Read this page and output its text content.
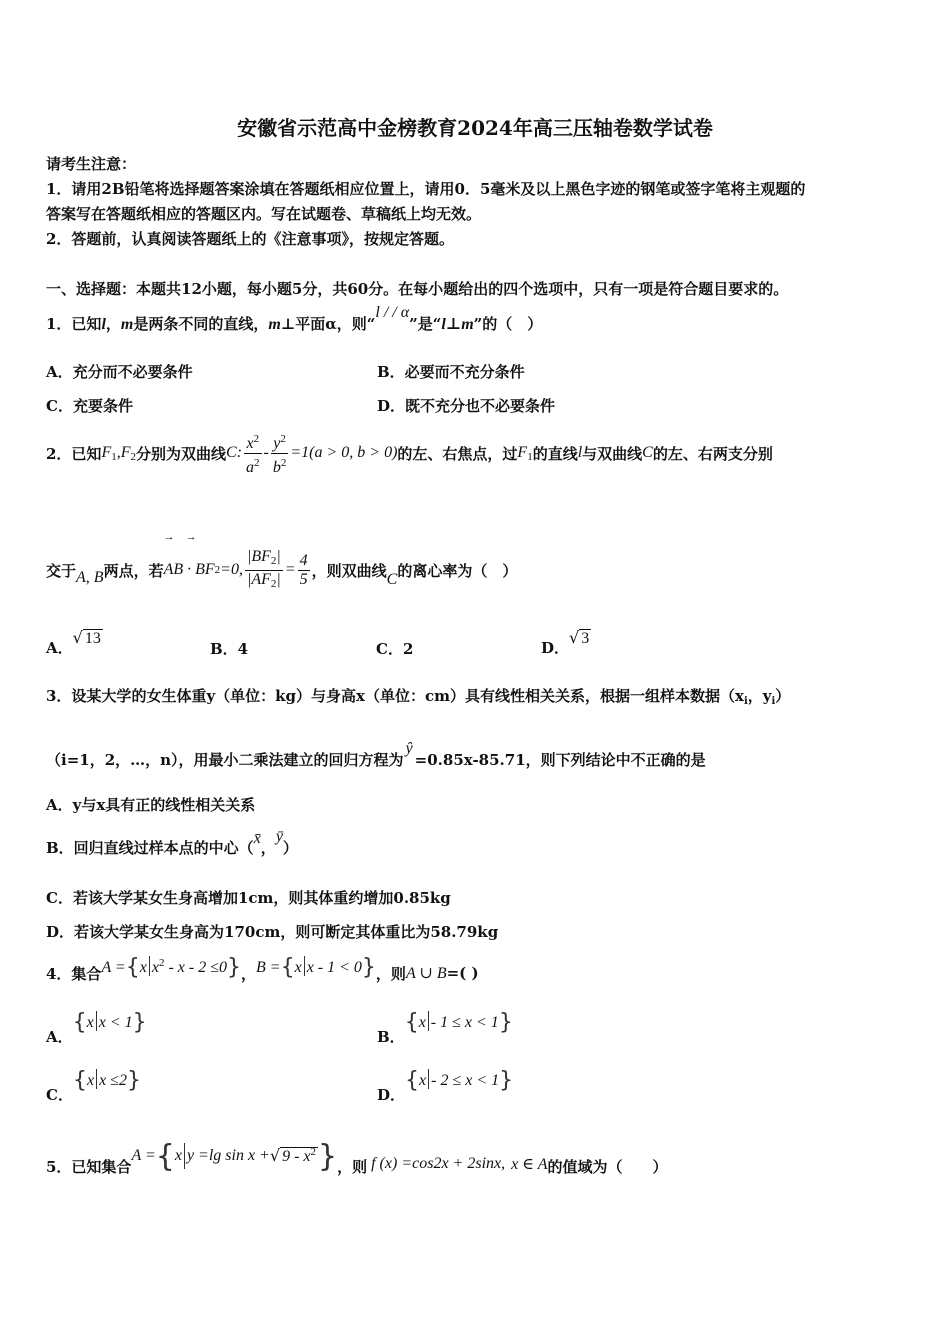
安徽省示范高中金榜教育2024年高三压轴卷数学试卷
请考生注意：
1．请用2B铅笔将选择题答案涂填在答题纸相应位置上，请用0．5毫米及以上黑色字迹的钢笔或签字笔将主观题的
答案写在答题纸相应的答题区内。写在试题卷、草稿纸上均无效。
2．答题前，认真阅读答题纸上的《注意事项》，按规定答题。
一、选择题：本题共12小题，每小题5分，共60分。在每小题给出的四个选项中，只有一项是符合题目要求的。
1．已知l，m是两条不同的直线，m⊥平面α，则“l / / α”是“l⊥m”的（　）
A．充分而不必要条件	B．必要而不充分条件
C．充要条件	D．既不充分也不必要条件
2．已知 $F_1,F_2$ 分别为双曲线 C : $\frac{x^2}{a^2} - \frac{y^2}{b^2} =1$ (a > 0, b > 0) 的左、右焦点，过 $F_1$ 的直线 l 与双曲线 C 的左、右两支分别
交于 A, B 两点，若
→　→
AB · BF 2 =0, $\frac{|BF_2|}{|AF_2|} = \frac{4}{5}$ ，则双曲线 C 的离心率为（　）
A．
√ 13
B．4	C．2	D．
√ 3
3．设某大学的女生体重y（单位：kg）与身高x（单位：cm）具有线性相关关系，根据一组样本数据（$x_i$，$y_i$）
（i=1，2，…，n），用最小二乘法建立的回归方程为
ŷ
=0.85x-85.71，则下列结论中不正确的是
A．y与x具有正的线性相关关系
B．回归直线过样本点的中心（
x̄
，
ȳ
）
C．若该大学某女生身高增加1cm，则其体重约增加0.85kg
D．若该大学某女生身高为170cm，则可断定其体重比为58.79kg
4．集合 A ={x $x^2 - x - 2 \le 0$} ， B ={x x - 1 < 0} ，则 A ∪ B =( )
A．
{x x < 1}
B．
{x - 1 ≤ x < 1}
C．
{x x ≤2}
D．
{x - 2 ≤ x < 1}
5．已知集合
A = { x y =lg sin x + √ $9 - x^2$ } ，则 f (x) =cos2x + 2sinx, x ∈ A 的值域为（　　）
